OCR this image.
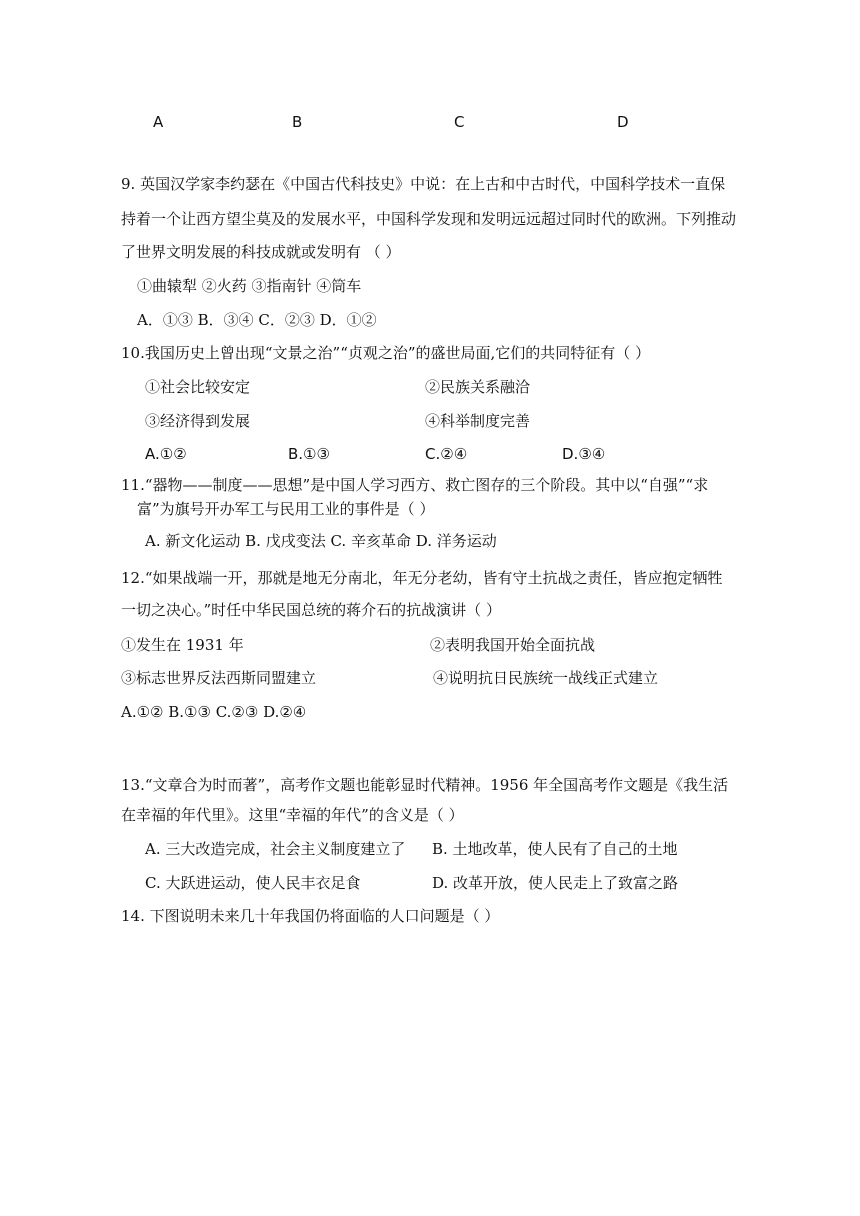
A	B	C	D
9. 英国汉学家李约瑟在《中国古代科技史》中说：在上古和中古时代，中国科学技术一直保
持着一个让西方望尘莫及的发展水平，中国科学发现和发明远远超过同时代的欧洲。下列推动
了世界文明发展的科技成就或发明有 （ ）
①曲辕犁 ②火药 ③指南针 ④筒车
A．①③ B．③④ C．②③ D．①②
10.我国历史上曾出现“文景之治”“贞观之治”的盛世局面,它们的共同特征有（ ）
①社会比较安定	②民族关系融洽
③经济得到发展	④科举制度完善
A.①②	B.①③	C.②④	D.③④
11.“器物——制度——思想”是中国人学习西方、救亡图存的三个阶段。其中以“自强”“求
富”为旗号开办军工与民用工业的事件是（ ）
A. 新文化运动 B. 戊戌变法 C. 辛亥革命 D. 洋务运动
12.“如果战端一开，那就是地无分南北，年无分老幼，皆有守土抗战之责任，皆应抱定牺牲
一切之决心。”时任中华民国总统的蒋介石的抗战演讲（ ）
①发生在 1931 年	②表明我国开始全面抗战
③标志世界反法西斯同盟建立	④说明抗日民族统一战线正式建立
A.①② B.①③ C.②③ D.②④
13.“文章合为时而著”，高考作文题也能彰显时代精神。1956 年全国高考作文题是《我生活
在幸福的年代里》。这里“幸福的年代”的含义是（ ）
A. 三大改造完成，社会主义制度建立了 B. 土地改革，使人民有了自己的土地
C. 大跃进运动，使人民丰衣足食	D. 改革开放，使人民走上了致富之路
14. 下图说明未来几十年我国仍将面临的人口问题是（ ）
